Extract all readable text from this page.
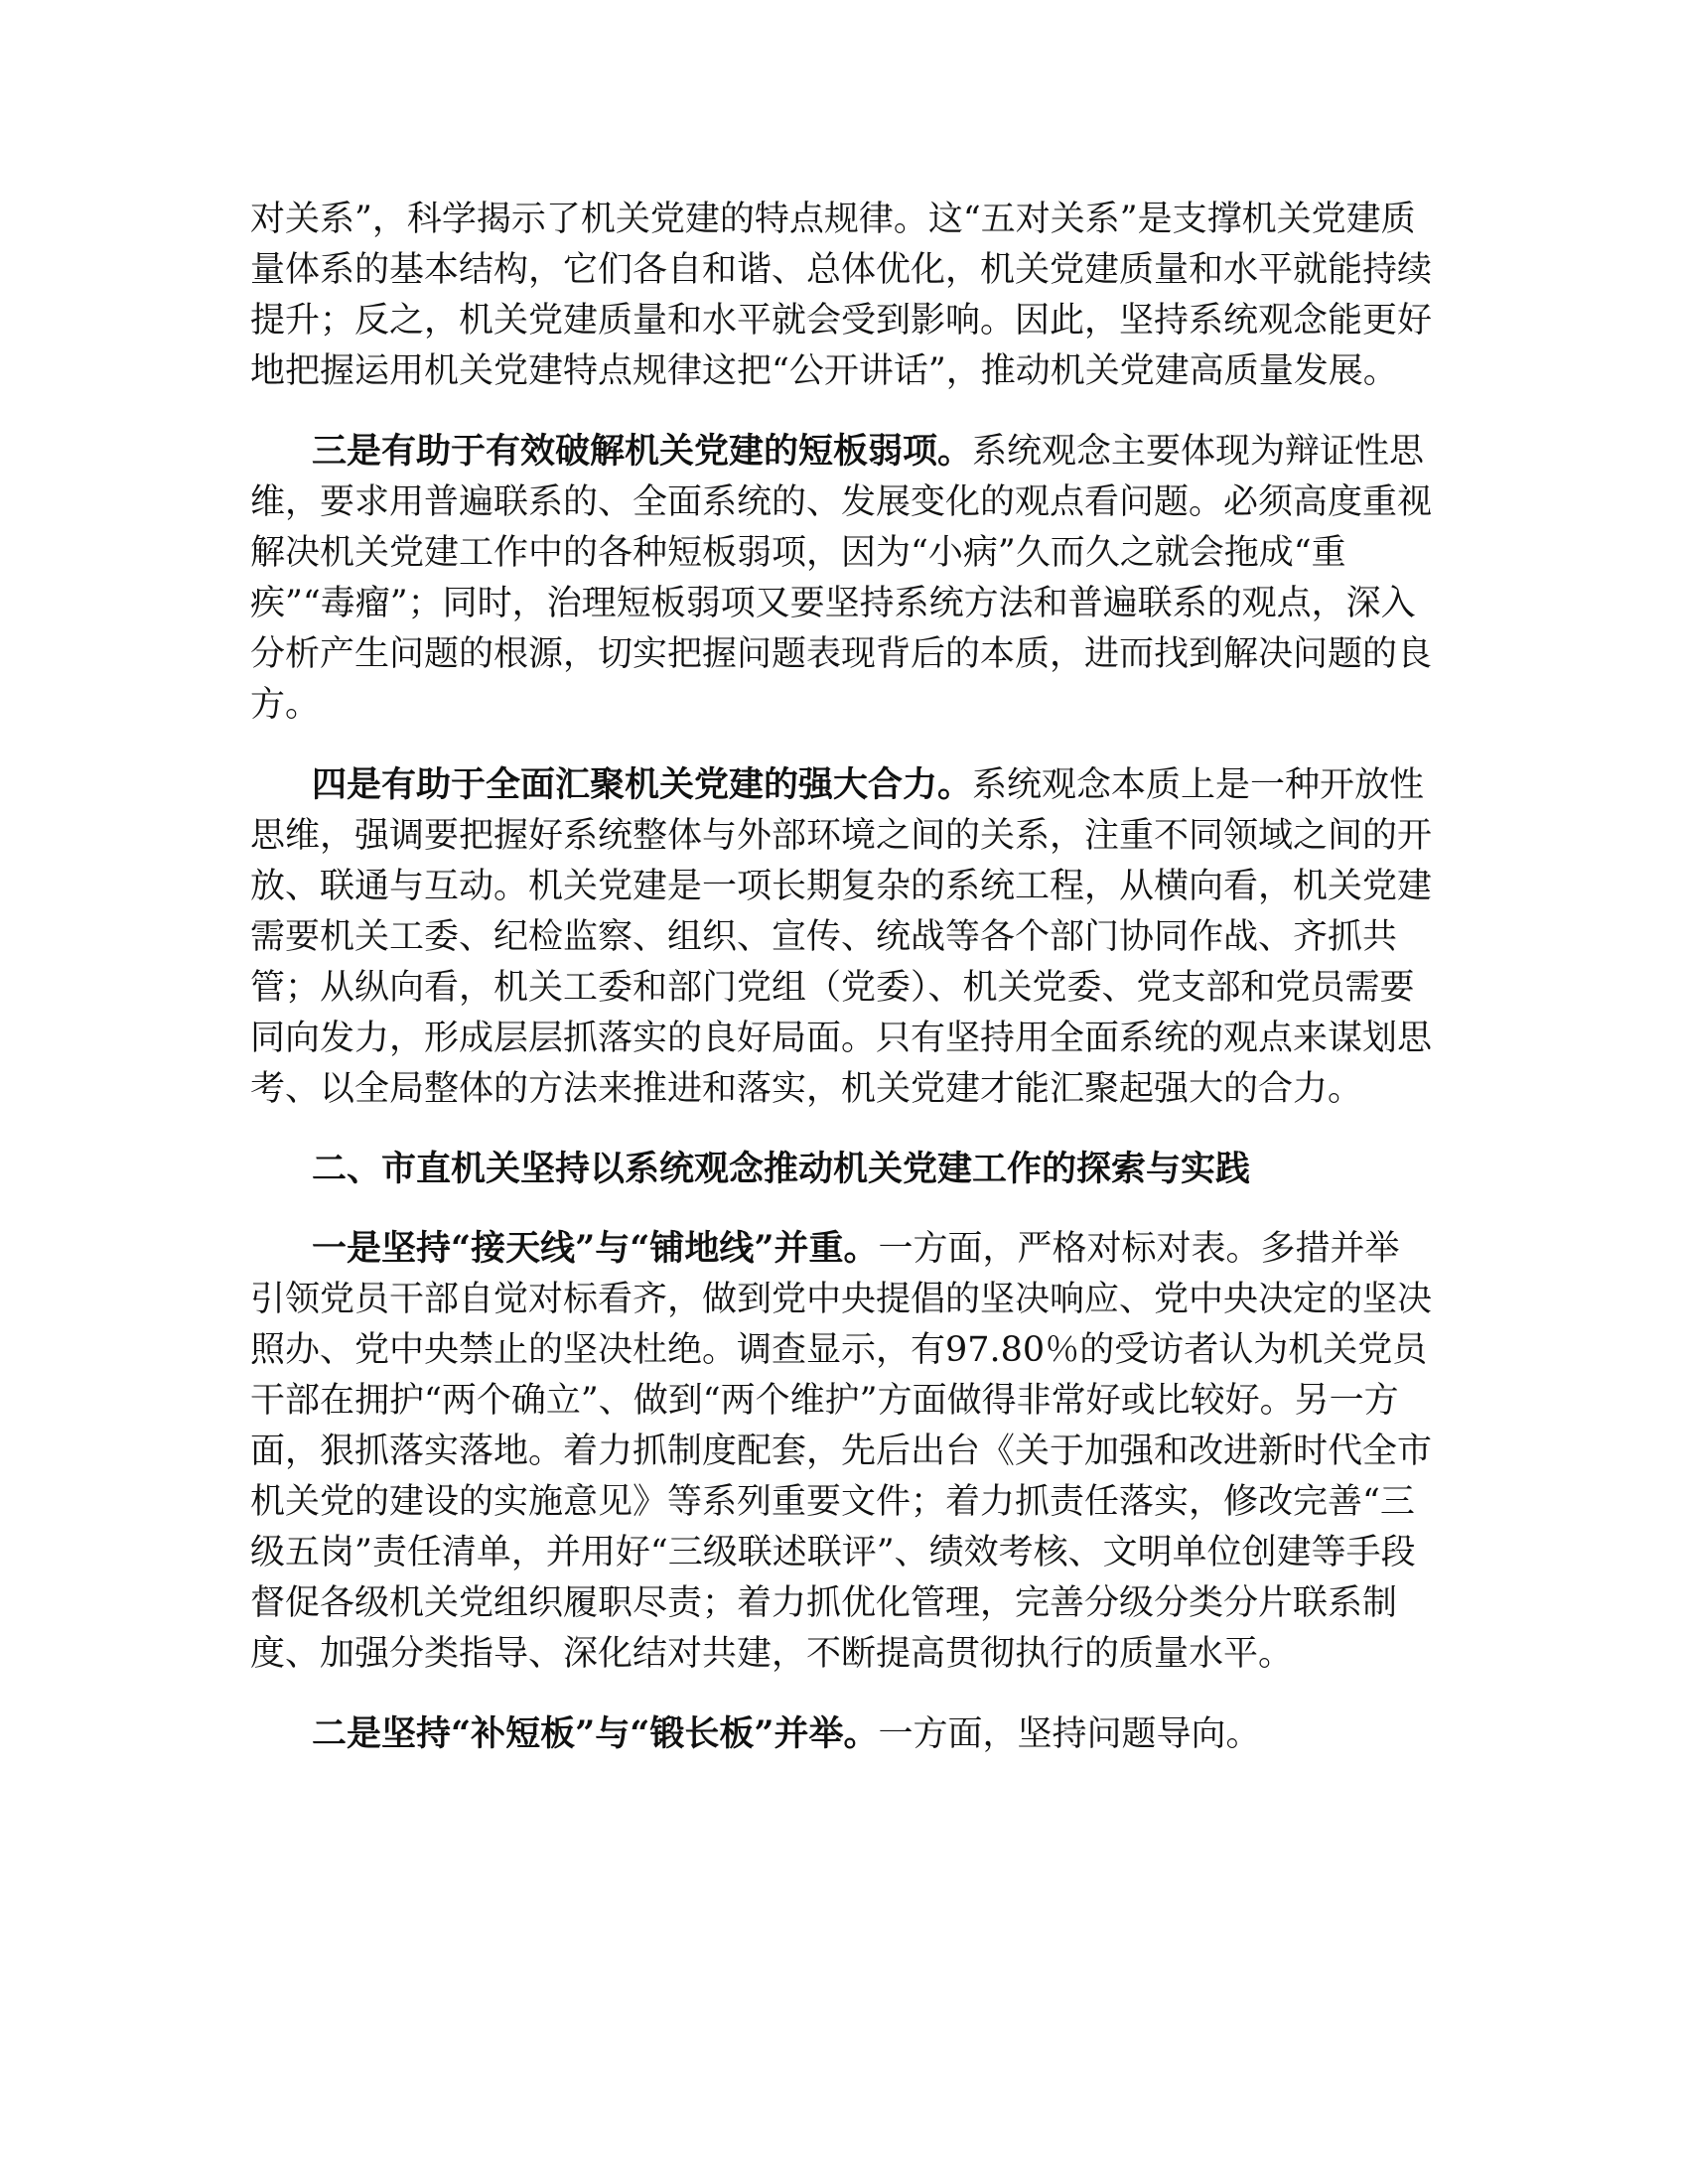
对关系”，科学揭示了机关党建的特点规律。这“五对关系”是支撑机关党建质量体系的基本结构，它们各自和谐、总体优化，机关党建质量和水平就能持续提升；反之，机关党建质量和水平就会受到影响。因此，坚持系统观念能更好地把握运用机关党建特点规律这把“公开讲话”，推动机关党建高质量发展。

三是有助于有效破解机关党建的短板弱项。系统观念主要体现为辩证性思维，要求用普遍联系的、全面系统的、发展变化的观点看问题。必须高度重视解决机关党建工作中的各种短板弱项，因为“小病”久而久之就会拖成“重疾”“毒瘤”；同时，治理短板弱项又要坚持系统方法和普遍联系的观点，深入分析产生问题的根源，切实把握问题表现背后的本质，进而找到解决问题的良方。

四是有助于全面汇聚机关党建的强大合力。系统观念本质上是一种开放性思维，强调要把握好系统整体与外部环境之间的关系，注重不同领域之间的开放、联通与互动。机关党建是一项长期复杂的系统工程，从横向看，机关党建需要机关工委、纪检监察、组织、宣传、统战等各个部门协同作战、齐抓共管；从纵向看，机关工委和部门党组（党委）、机关党委、党支部和党员需要同向发力，形成层层抓落实的良好局面。只有坚持用全面系统的观点来谋划思考、以全局整体的方法来推进和落实，机关党建才能汇聚起强大的合力。

二、市直机关坚持以系统观念推动机关党建工作的探索与实践

一是坚持“接天线”与“铺地线”并重。一方面，严格对标对表。多措并举引领党员干部自觉对标看齐，做到党中央提倡的坚决响应、党中央决定的坚决照办、党中央禁止的坚决杜绝。调查显示，有97.80％的受访者认为机关党员干部在拥护“两个确立”、做到“两个维护”方面做得非常好或比较好。另一方面，狠抓落实落地。着力抓制度配套，先后出台《关于加强和改进新时代全市机关党的建设的实施意见》等系列重要文件；着力抓责任落实，修改完善“三级五岗”责任清单，并用好“三级联述联评”、绩效考核、文明单位创建等手段督促各级机关党组织履职尽责；着力抓优化管理，完善分级分类分片联系制度、加强分类指导、深化结对共建，不断提高贯彻执行的质量水平。

二是坚持“补短板”与“锻长板”并举。一方面，坚持问题导向。
